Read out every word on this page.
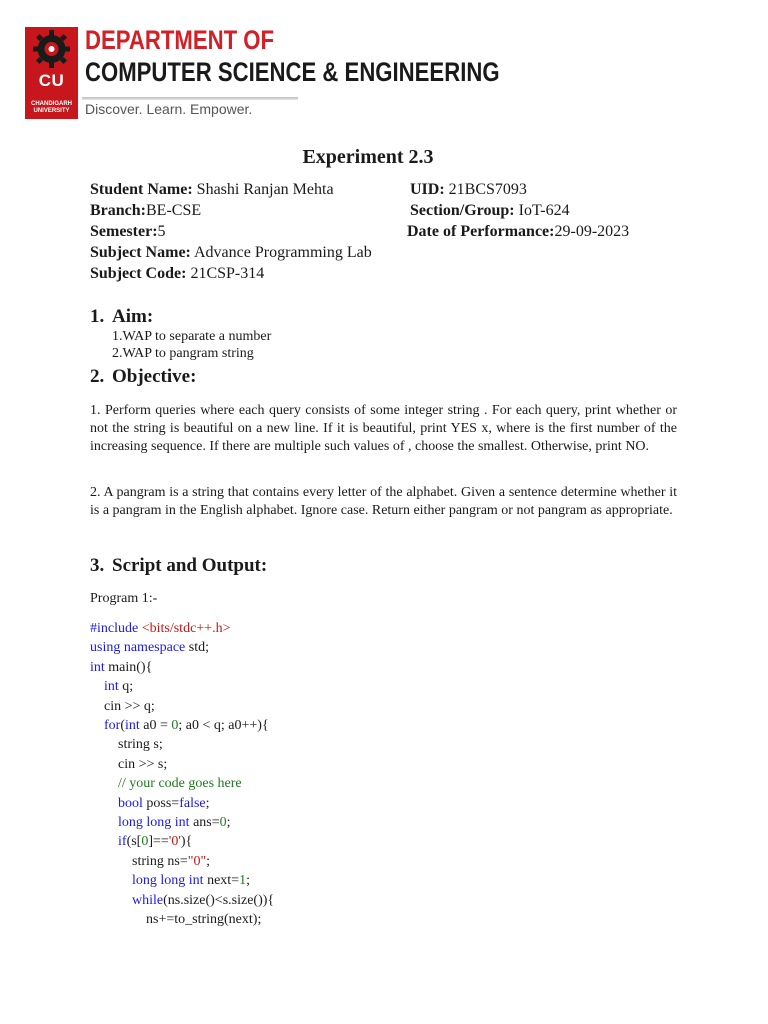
CU
CHANDIGARH
UNIVERSITY
DEPARTMENT OF
COMPUTER SCIENCE & ENGINEERING
Discover. Learn. Empower.
Experiment 2.3
Student Name: Shashi Ranjan Mehta	UID: 21BCS7093
Branch:BE-CSE	Section/Group: IoT-624
Semester:5	Date of Performance:29-09-2023
Subject Name: Advance Programming Lab
Subject Code: 21CSP-314
1. Aim:
1.WAP to separate a number
2.WAP to pangram string
2. Objective:
1. Perform queries where each query consists of some integer string . For each query, print whether or not the string is beautiful on a new line. If it is beautiful, print YES x, where is the first number of the increasing sequence. If there are multiple such values of , choose the smallest. Otherwise, print NO.
2. A pangram is a string that contains every letter of the alphabet. Given a sentence determine whether it is a pangram in the English alphabet. Ignore case. Return either pangram or not pangram as appropriate.
3. Script and Output:
Program 1:-
#include <bits/stdc++.h>
using namespace std;
int main(){
int q;
cin >> q;
for(int a0 = 0; a0 < q; a0++){
string s;
cin >> s;
// your code goes here
bool poss=false;
long long int ans=0;
if(s[0]=='0'){
string ns="0";
long long int next=1;
while(ns.size()<s.size()){
ns+=to_string(next);
